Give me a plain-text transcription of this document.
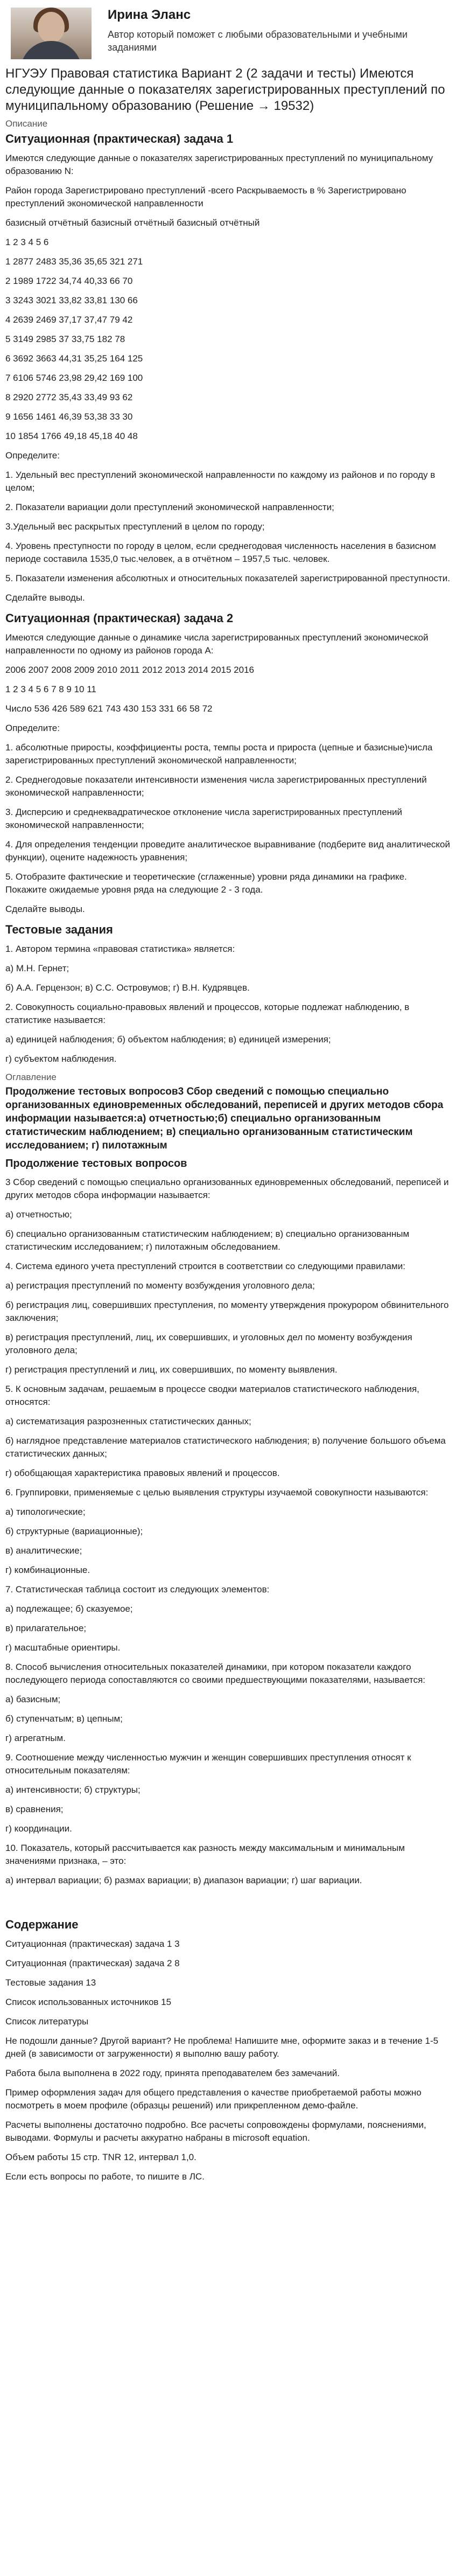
Ирина Эланс
Автор который поможет с любыми образовательными и учебными заданиями
НГУЭУ Правовая статистика Вариант 2 (2 задачи и тесты) Имеются следующие данные о показателях зарегистрированных преступлений по муниципальному образованию (Решение → 19532)
Описание
Ситуационная (практическая) задача 1

Имеются следующие данные о показателях зарегистрированных преступлений по муниципальному образованию N:

Район города Зарегистрировано преступлений -всего Раскрываемость в % Зарегистрировано преступлений экономической направленности

базисный отчётный базисный отчётный базисный отчётный

1 2 3 4 5 6

1 2877 2483 35,36 35,65 321 271

2 1989 1722 34,74 40,33 66 70

3 3243 3021 33,82 33,81 130 66

4 2639 2469 37,17 37,47 79 42

5 3149 2985 37 33,75 182 78

6 3692 3663 44,31 35,25 164 125

7 6106 5746 23,98 29,42 169 100

8 2920 2772 35,43 33,49 93 62

9 1656 1461 46,39 53,38 33 30

10 1854 1766 49,18 45,18 40 48

Определите:

1. Удельный вес преступлений экономической направленности по каждому из районов и по городу в целом;

2. Показатели вариации доли преступлений экономической направленности;

3.Удельный вес раскрытых преступлений в целом по городу;

4. Уровень преступности по городу в целом, если среднегодовая численность населения в базисном периоде составила 1535,0 тыс.человек, а в отчётном – 1957,5 тыс. человек.

5. Показатели изменения абсолютных и относительных показателей зарегистрированной преступности.

Сделайте выводы.

Ситуационная (практическая) задача 2

Имеются следующие данные о динамике числа зарегистрированных преступлений экономической направленности по одному из районов города А:

2006 2007 2008 2009 2010 2011 2012 2013 2014 2015 2016

1 2 3 4 5 6 7 8 9 10 11

Число 536 426 589 621 743 430 153 331 66 58 72

Определите:

1. абсолютные приросты, коэффициенты роста, темпы роста и прироста (цепные и базисные)числа зарегистрированных преступлений экономической направленности;

2. Среднегодовые показатели интенсивности изменения числа зарегистрированных преступлений экономической направленности;

3. Дисперсию и среднеквадратическое отклонение числа зарегистрированных преступлений экономической направленности;

4. Для определения тенденции проведите аналитическое выравнивание (подберите вид аналитической функции), оцените надежность уравнения;

5. Отобразите фактические и теоретические (сглаженные) уровни ряда динамики на графике. Покажите ожидаемые уровня ряда на следующие 2 - 3 года.

Сделайте выводы.

Тестовые задания

1. Автором термина «правовая статистика» является:

а) М.Н. Гернет;

б) А.А. Герцензон; в) С.С. Островумов; г) В.Н. Кудрявцев.

2. Совокупность социально-правовых явлений и процессов, которые подлежат наблюдению, в статистике называется:

а) единицей наблюдения; б) объектом наблюдения; в) единицей измерения;

г) субъектом наблюдения.

Оглавление
Продолжение тестовых вопросов3 Сбор сведений с помощью специально организованных единовременных обследований, переписей и других методов сбора информации называется:а) отчетностью;б) специально организованным статистическим наблюдением; в) специально организованным статистическим исследованием; г) пилотажным
Продолжение тестовых вопросов

3 Сбор сведений с помощью специально организованных единовременных обследований, переписей и других методов сбора информации называется:

а) отчетностью;

б) специально организованным статистическим наблюдением; в) специально организованным статистическим исследованием; г) пилотажным обследованием.

4. Система единого учета преступлений строится в соответствии со следующими правилами:

а) регистрация преступлений по моменту возбуждения уголовного дела;

б) регистрация лиц, совершивших преступления, по моменту утверждения прокурором обвинительного заключения;

в) регистрация преступлений, лиц, их совершивших, и уголовных дел по моменту возбуждения уголовного дела;

г) регистрация преступлений и лиц, их совершивших, по моменту выявления.

5. К основным задачам, решаемым в процессе сводки материалов статистического наблюдения, относятся:

а) систематизация разрозненных статистических данных;

б) наглядное представление материалов статистического наблюдения; в) получение большого объема статистических данных;

г) обобщающая характеристика правовых явлений и процессов.

6. Группировки, применяемые с целью выявления структуры изучаемой совокупности называются:

а) типологические;

б) структурные (вариационные);

в) аналитические;

г) комбинационные.

7. Статистическая таблица состоит из следующих элементов:

а) подлежащее; б) сказуемое;

в) прилагательное;

г) масштабные ориентиры.

8. Способ вычисления относительных показателей динамики, при котором показатели каждого последующего периода сопоставляются со своими предшествующими показателями, называется:

а) базисным;

б) ступенчатым; в) цепным;

г) агрегатным.

9. Соотношение между численностью мужчин и женщин совершивших преступления относят к относительным показателям:

а) интенсивности; б) структуры;

в) сравнения;

г) координации.

10. Показатель, который рассчитывается как разность между максимальным и минимальным значениями признака, – это:

а) интервал вариации; б) размах вариации; в) диапазон вариации; г) шаг вариации.

Содержание

Ситуационная (практическая) задача 1 3

Ситуационная (практическая) задача 2 8

Тестовые задания 13

Список использованных источников 15

Список литературы

Не подошли данные? Другой вариант? Не проблема! Напишите мне, оформите заказ и в течение 1-5 дней (в зависимости от загруженности) я выполню вашу работу.

Работа была выполнена в 2022 году, принята преподавателем без замечаний.

Пример оформления задач для общего представления о качестве приобретаемой работы можно посмотреть в моем профиле (образцы решений) или прикрепленном демо-файле.

Расчеты выполнены достаточно подробно. Все расчеты сопровождены формулами, пояснениями, выводами. Формулы и расчеты аккуратно набраны в microsoft equation.

Объем работы 15 стр. TNR 12, интервал 1,0.

Если есть вопросы по работе, то пишите в ЛС.
